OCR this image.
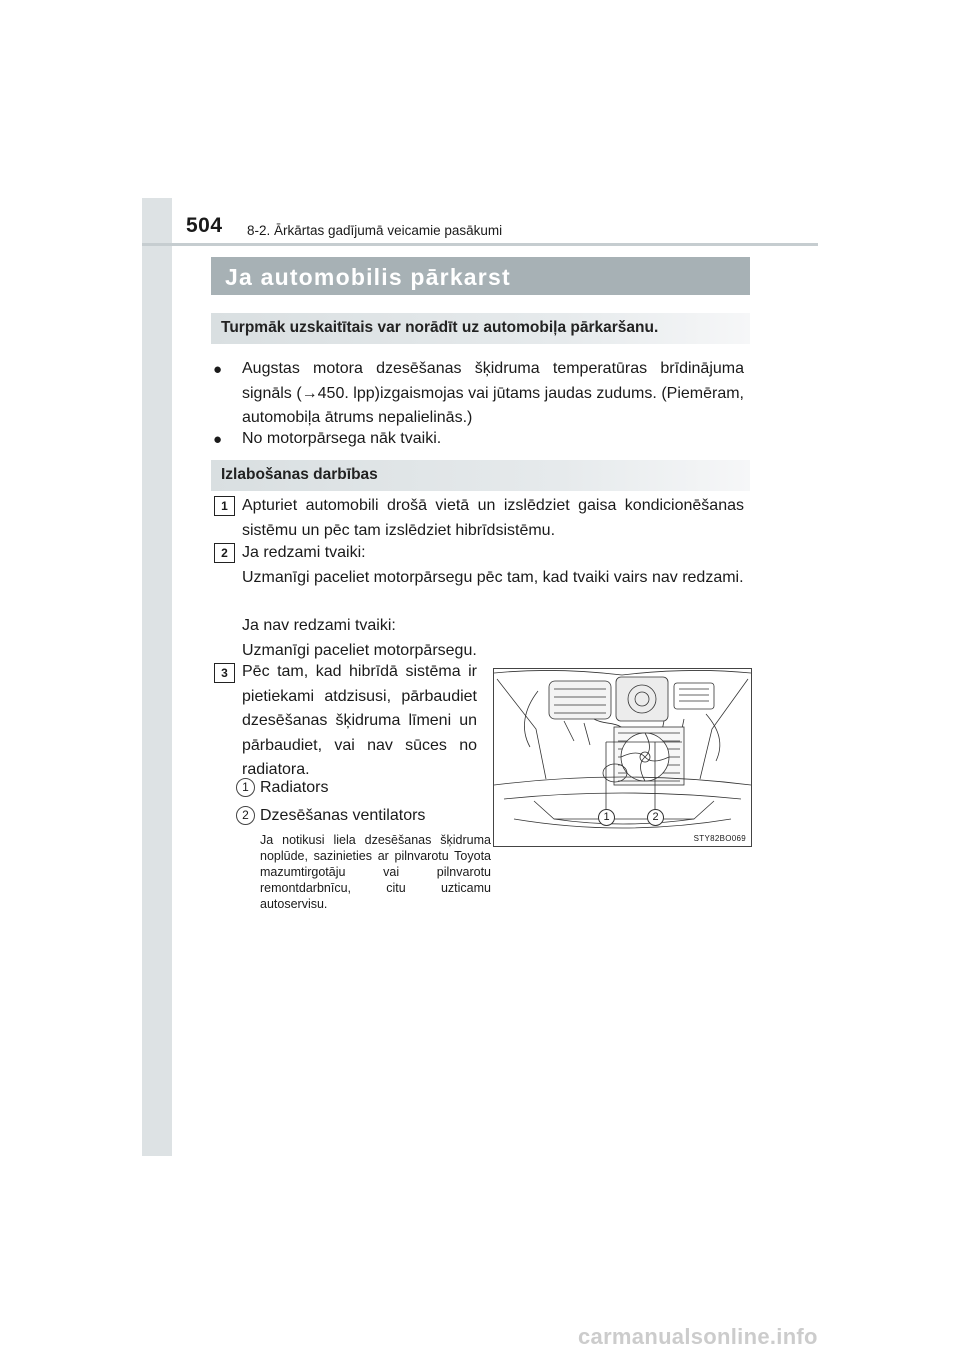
504 8-2. Ārkārtas gadījumā veicamie pasākumi
Ja automobilis pārkarst
Turpmāk uzskaitītais var norādīt uz automobiļa pārkaršanu.
● Augstas motora dzesēšanas šķidruma temperatūras brīdinājuma signāls (→450. lpp)izgaismojas vai jūtams jaudas zudums. (Piemēram, automobiļa ātrums nepalielinās.)
● No motorpārsega nāk tvaiki.
Izlabošanas darbības
1 Apturiet automobili drošā vietā un izslēdziet gaisa kondicionēšanas sistēmu un pēc tam izslēdziet hibrīdsistēmu.
2 Ja redzami tvaiki:
Uzmanīgi paceliet motorpārsegu pēc tam, kad tvaiki vairs nav redzami.
Ja nav redzami tvaiki:
Uzmanīgi paceliet motorpārsegu.
3 Pēc tam, kad hibrīdā sistēma ir pietiekami atdzisusi, pārbaudiet dzesēšanas šķidruma līmeni un pārbaudiet, vai nav sūces no radiatora.
1 Radiators
2 Dzesēšanas ventilators
Ja notikusi liela dzesēšanas šķidruma noplūde, sazinieties ar pilnvarotu Toyota mazumtirgotāju vai pilnvarotu remontdarbnīcu, citu uzticamu autoservisu.
1	2
STY82BO069
carmanualsonline.info
